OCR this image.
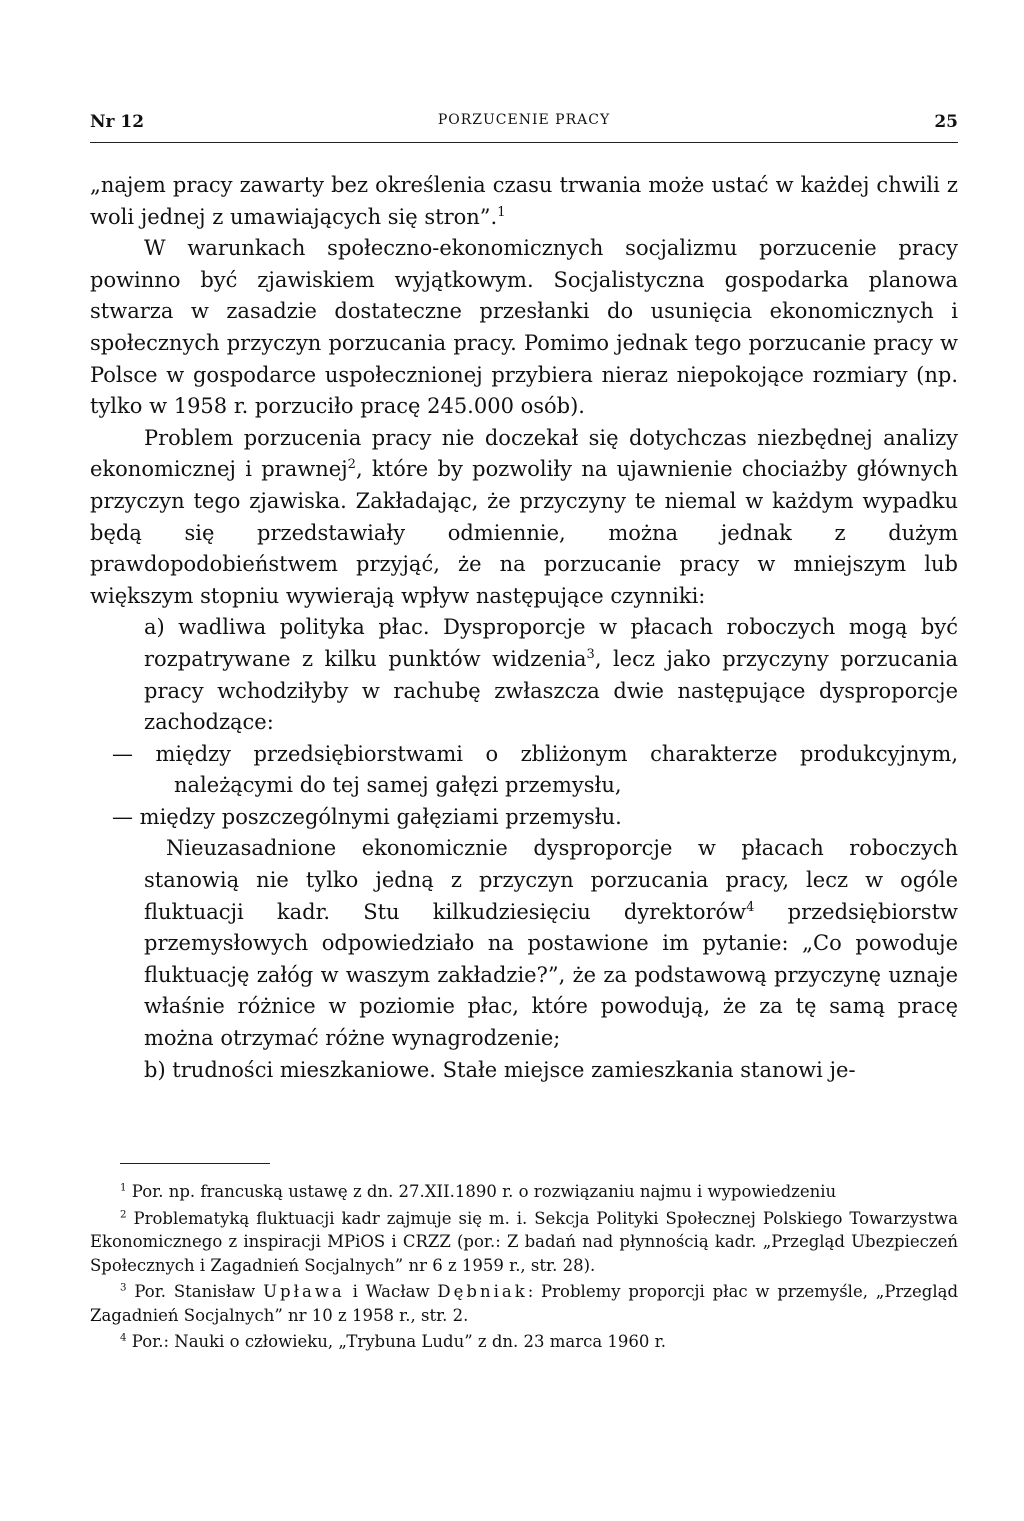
Nr 12	PORZUCENIE PRACY	25

„najem pracy zawarty bez określenia czasu trwania może ustać w każdej chwili z woli jednej z umawiających się stron”.$^1$

W warunkach społeczno-ekonomicznych socjalizmu porzucenie pracy powinno być zjawiskiem wyjątkowym. Socjalistyczna gospodarka planowa stwarza w zasadzie dostateczne przesłanki do usunięcia ekonomicznych i społecznych przyczyn porzucania pracy. Pomimo jednak tego porzucanie pracy w Polsce w gospodarce uspołecznionej przybiera nieraz niepokojące rozmiary (np. tylko w 1958 r. porzuciło pracę 245.000 osób).

Problem porzucenia pracy nie doczekał się dotychczas niezbędnej analizy ekonomicznej i prawnej$^2$, które by pozwoliły na ujawnienie chociażby głównych przyczyn tego zjawiska. Zakładając, że przyczyny te niemal w każdym wypadku będą się przedstawiały odmiennie, można jednak z dużym prawdopodobieństwem przyjąć, że na porzucanie pracy w mniejszym lub większym stopniu wywierają wpływ następujące czynniki:

a) wadliwa polityka płac. Dysproporcje w płacach roboczych mogą być rozpatrywane z kilku punktów widzenia$^3$, lecz jako przyczyny porzucania pracy wchodziłyby w rachubę zwłaszcza dwie następujące dysproporcje zachodzące:

— między przedsiębiorstwami o zbliżonym charakterze produkcyjnym, należącymi do tej samej gałęzi przemysłu,

— między poszczególnymi gałęziami przemysłu.

Nieuzasadnione ekonomicznie dysproporcje w płacach roboczych stanowią nie tylko jedną z przyczyn porzucania pracy, lecz w ogóle fluktuacji kadr. Stu kilkudziesięciu dyrektorów$^4$ przedsiębiorstw przemysłowych odpowiedziało na postawione im pytanie: „Co powoduje fluktuację załóg w waszym zakładzie?”, że za podstawową przyczynę uznaje właśnie różnice w poziomie płac, które powodują, że za tę samą pracę można otrzymać różne wynagrodzenie;

b) trudności mieszkaniowe. Stałe miejsce zamieszkania stanowi je-

$^1$ Por. np. francuską ustawę z dn. 27.XII.1890 r. o rozwiązaniu najmu i wypowiedzeniu

$^2$ Problematyką fluktuacji kadr zajmuje się m. i. Sekcja Polityki Społecznej Polskiego Towarzystwa Ekonomicznego z inspiracji MPiOS i CRZZ (por.: Z badań nad płynnością kadr. „Przegląd Ubezpieczeń Społecznych i Zagadnień Socjalnych” nr 6 z 1959 r., str. 28).

$^3$ Por. Stanisław Upława i Wacław Dębniak: Problemy proporcji płac w przemyśle, „Przegląd Zagadnień Socjalnych” nr 10 z 1958 r., str. 2.

$^4$ Por.: Nauki o człowieku, „Trybuna Ludu” z dn. 23 marca 1960 r.
